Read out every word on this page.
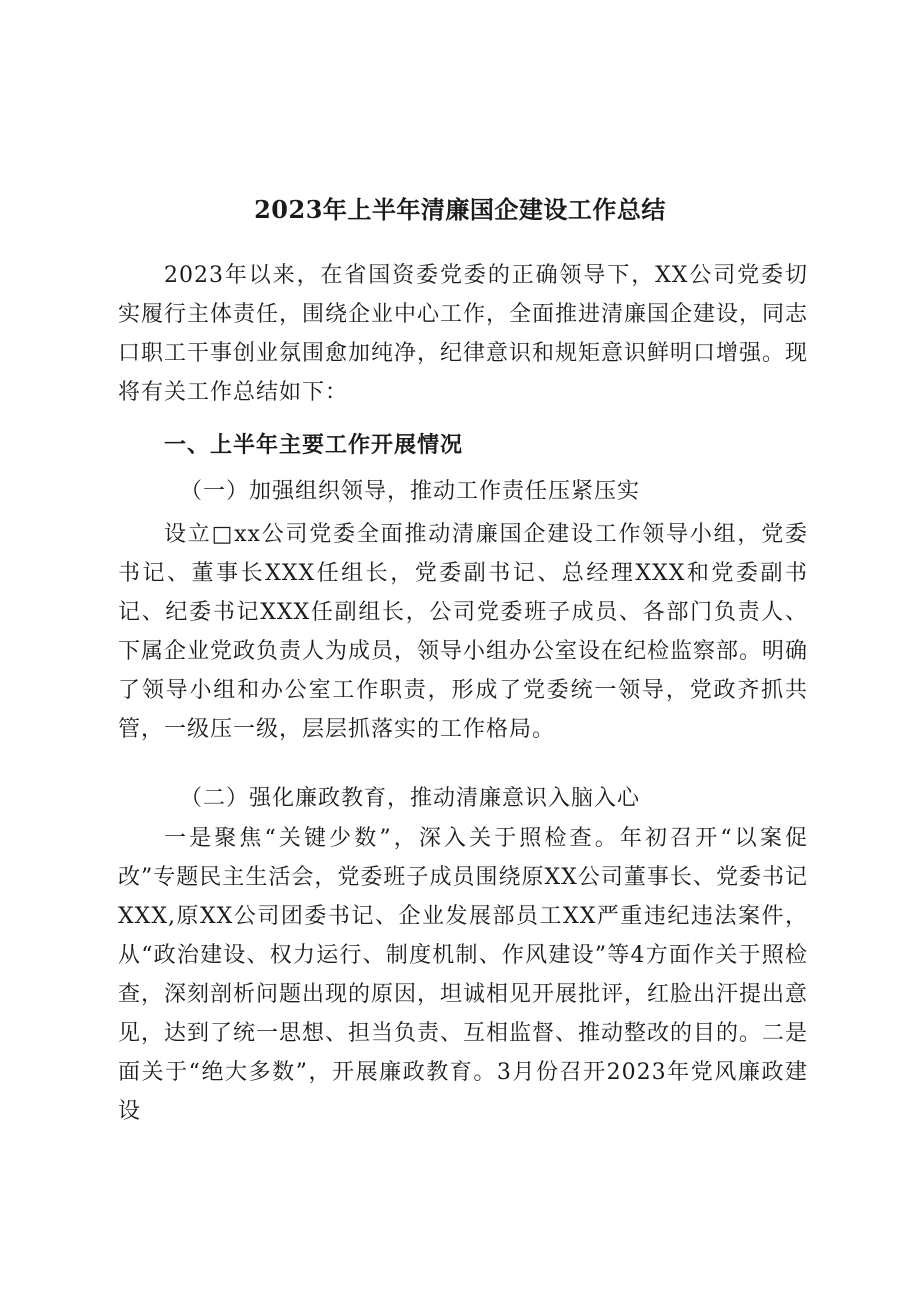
2023年上半年清廉国企建设工作总结

2023年以来，在省国资委党委的正确领导下，XX公司党委切实履行主体责任，围绕企业中心工作，全面推进清廉国企建设，同志口职工干事创业氛围愈加纯净，纪律意识和规矩意识鲜明口增强。现将有关工作总结如下：

一、上半年主要工作开展情况
（一）加强组织领导，推动工作责任压紧压实

设立□xx公司党委全面推动清廉国企建设工作领导小组，党委书记、董事长XXX任组长，党委副书记、总经理XXX和党委副书记、纪委书记XXX任副组长，公司党委班子成员、各部门负责人、下属企业党政负责人为成员，领导小组办公室设在纪检监察部。明确了领导小组和办公室工作职责，形成了党委统一领导，党政齐抓共管，一级压一级，层层抓落实的工作格局。

（二）强化廉政教育，推动清廉意识入脑入心

一是聚焦“关键少数”，深入关于照检查。年初召开“以案促改”专题民主生活会，党委班子成员围绕原XX公司董事长、党委书记XXX,原XX公司团委书记、企业发展部员工XX严重违纪违法案件，从“政治建设、权力运行、制度机制、作风建设”等4方面作关于照检查，深刻剖析问题出现的原因，坦诚相见开展批评，红脸出汗提出意见，达到了统一思想、担当负责、互相监督、推动整改的目的。二是面关于“绝大多数”，开展廉政教育。3月份召开2023年党风廉政建设
